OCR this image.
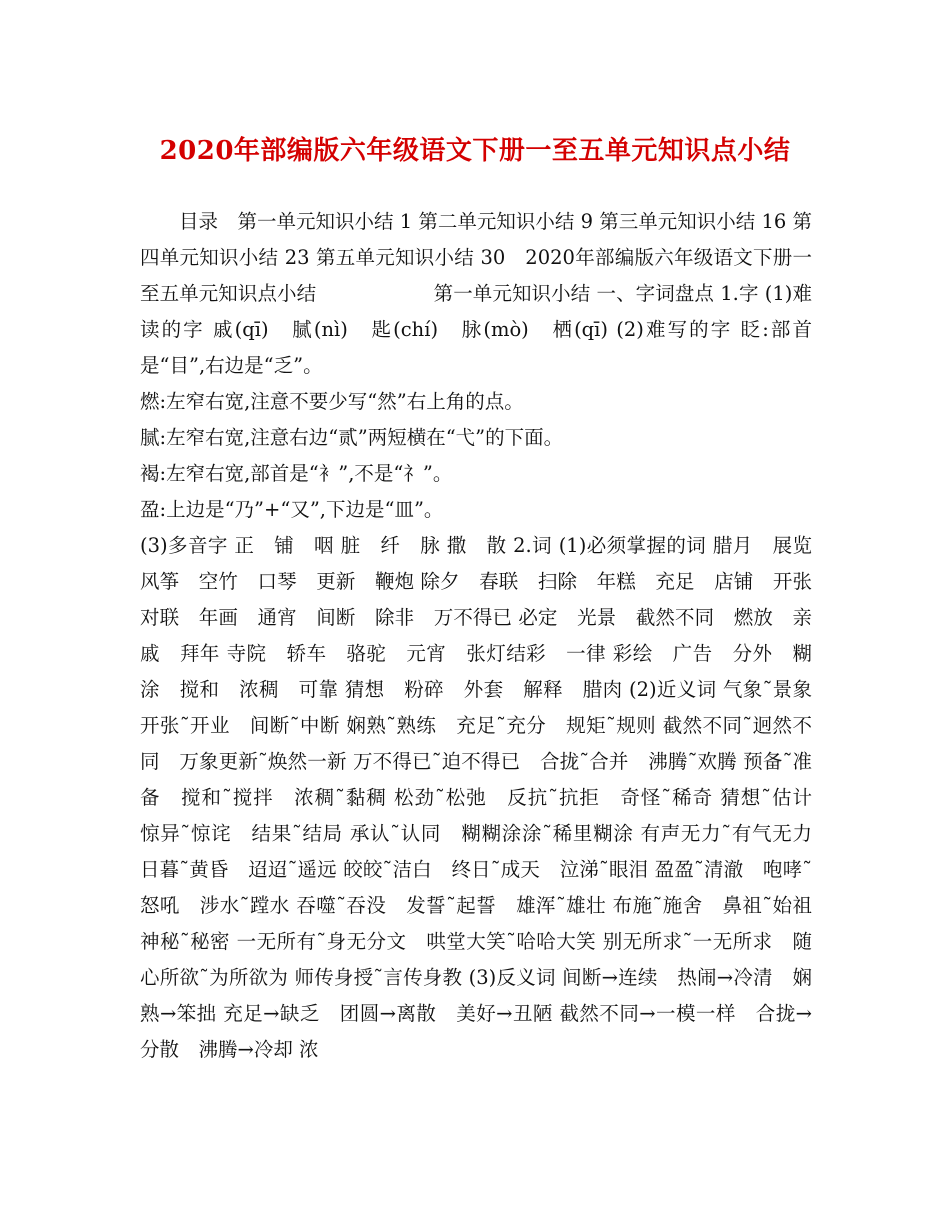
2020年部编版六年级语文下册一至五单元知识点小结

目录　第一单元知识小结 1 第二单元知识小结 9 第三单元知识小结 16 第四单元知识小结 23 第五单元知识小结 30　2020年部编版六年级语文下册一至五单元知识点小结　　　　　　第一单元知识小结 一、字词盘点 1.字 (1)难读的字 戚(qī)　腻(nì)　匙(chí)　脉(mò)　栖(qī) (2)难写的字 眨:部首是“目”,右边是“乏”。

燃:左窄右宽,注意不要少写“然”右上角的点。

腻:左窄右宽,注意右边“贰”两短横在“弋”的下面。

褐:左窄右宽,部首是“衤”,不是“礻”。

盈:上边是“乃”+“又”,下边是“皿”。

(3)多音字 正　铺　咽 脏　纤　脉 撒　散 2.词 (1)必须掌握的词 腊月　展览　风筝　空竹　口琴　更新　鞭炮 除夕　春联　扫除　年糕　充足　店铺　开张 对联　年画　通宵　间断　除非　万不得已 必定　光景　截然不同　燃放　亲戚　拜年 寺院　轿车　骆驼　元宵　张灯结彩　一律 彩绘　广告　分外　糊涂　搅和　浓稠　可靠 猜想　粉碎　外套　解释　腊肉 (2)近义词 气象˜景象　开张˜开业　间断˜中断 娴熟˜熟练　充足˜充分　规矩˜规则 截然不同˜迥然不同　万象更新˜焕然一新 万不得已˜迫不得已　合拢˜合并　沸腾˜欢腾 预备˜准备　搅和˜搅拌　浓稠˜黏稠 松劲˜松弛　反抗˜抗拒　奇怪˜稀奇 猜想˜估计　惊异˜惊诧　结果˜结局 承认˜认同　糊糊涂涂˜稀里糊涂 有声无力˜有气无力　日暮˜黄昏　迢迢˜遥远 皎皎˜洁白　终日˜成天　泣涕˜眼泪 盈盈˜清澈　咆哮˜怒吼　涉水˜蹚水 吞噬˜吞没　发誓˜起誓　雄浑˜雄壮 布施˜施舍　鼻祖˜始祖　神秘˜秘密 一无所有˜身无分文　哄堂大笑˜哈哈大笑 别无所求˜一无所求　随心所欲˜为所欲为 师传身授˜言传身教 (3)反义词 间断→连续　热闹→冷清　娴熟→笨拙 充足→缺乏　团圆→离散　美好→丑陋 截然不同→一模一样　合拢→分散　沸腾→冷却 浓
